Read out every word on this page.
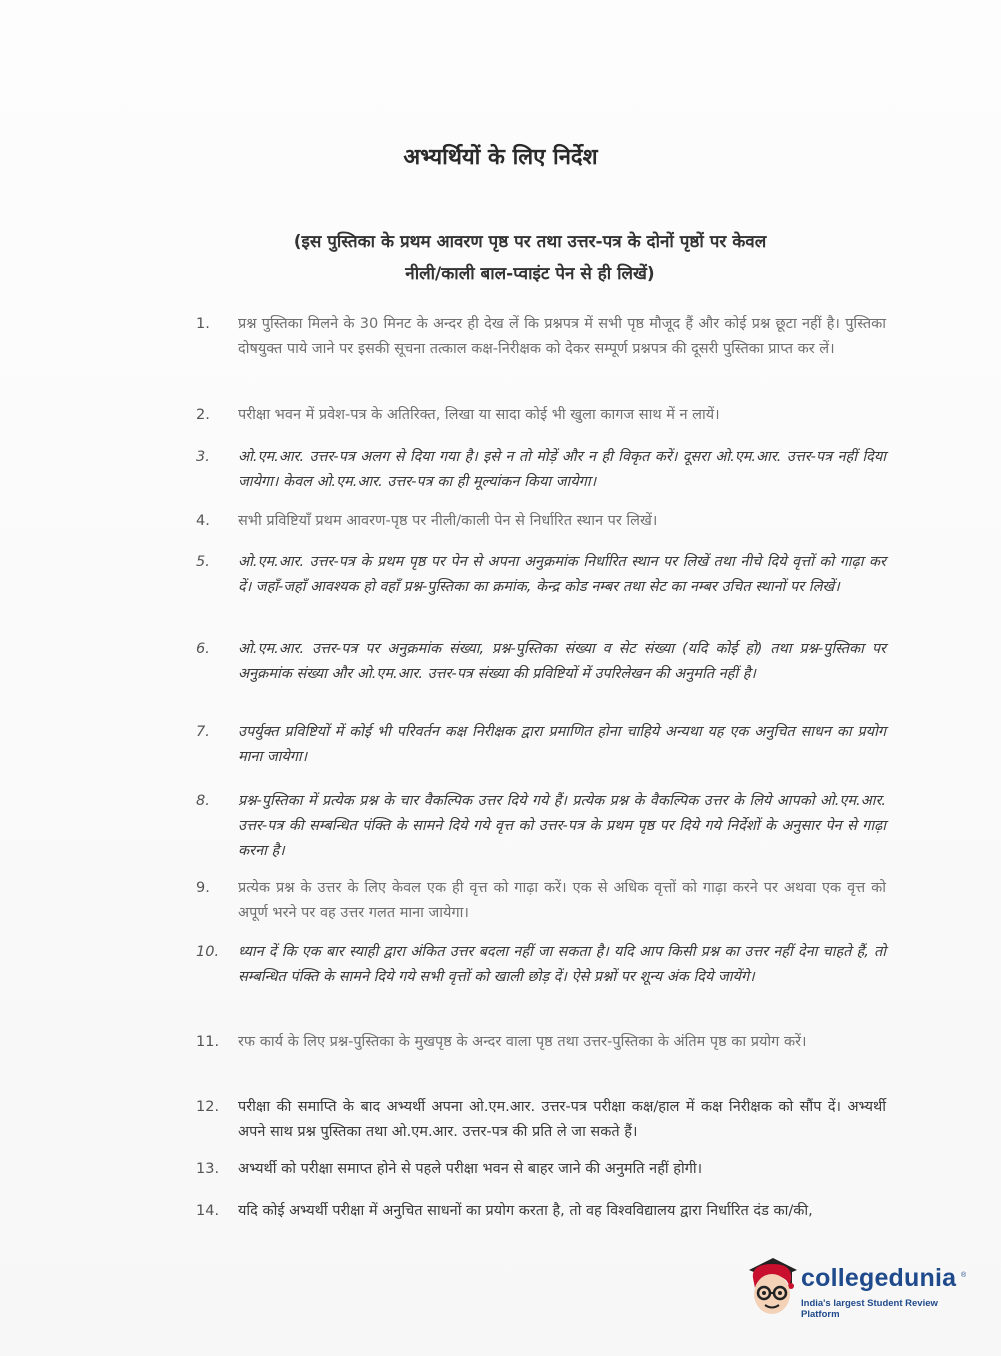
अभ्यर्थियों के लिए निर्देश
(इस पुस्तिका के प्रथम आवरण पृष्ठ पर तथा उत्तर-पत्र के दोनों पृष्ठों पर केवल
नीली/काली बाल-प्वाइंट पेन से ही लिखें)
1.	प्रश्न पुस्तिका मिलने के 30 मिनट के अन्दर ही देख लें कि प्रश्नपत्र में सभी पृष्ठ मौजूद हैं और कोई प्रश्न छूटा नहीं है। पुस्तिका दोषयुक्त पाये जाने पर इसकी सूचना तत्काल कक्ष-निरीक्षक को देकर सम्पूर्ण प्रश्नपत्र की दूसरी पुस्तिका प्राप्त कर लें।
2.	परीक्षा भवन में प्रवेश-पत्र के अतिरिक्त, लिखा या सादा कोई भी खुला कागज साथ में न लायें।
3.	ओ.एम.आर. उत्तर-पत्र अलग से दिया गया है। इसे न तो मोड़ें और न ही विकृत करें। दूसरा ओ.एम.आर. उत्तर-पत्र नहीं दिया जायेगा। केवल ओ.एम.आर. उत्तर-पत्र का ही मूल्यांकन किया जायेगा।
4.	सभी प्रविष्टियाँ प्रथम आवरण-पृष्ठ पर नीली/काली पेन से निर्धारित स्थान पर लिखें।
5.	ओ.एम.आर. उत्तर-पत्र के प्रथम पृष्ठ पर पेन से अपना अनुक्रमांक निर्धारित स्थान पर लिखें तथा नीचे दिये वृत्तों को गाढ़ा कर दें। जहाँ-जहाँ आवश्यक हो वहाँ प्रश्न-पुस्तिका का क्रमांक, केन्द्र कोड नम्बर तथा सेट का नम्बर उचित स्थानों पर लिखें।
6.	ओ.एम.आर. उत्तर-पत्र पर अनुक्रमांक संख्या, प्रश्न-पुस्तिका संख्या व सेट संख्या (यदि कोई हो) तथा प्रश्न-पुस्तिका पर अनुक्रमांक संख्या और ओ.एम.आर. उत्तर-पत्र संख्या की प्रविष्टियों में उपरिलेखन की अनुमति नहीं है।
7.	उपर्युक्त प्रविष्टियों में कोई भी परिवर्तन कक्ष निरीक्षक द्वारा प्रमाणित होना चाहिये अन्यथा यह एक अनुचित साधन का प्रयोग माना जायेगा।
8.	प्रश्न-पुस्तिका में प्रत्येक प्रश्न के चार वैकल्पिक उत्तर दिये गये हैं। प्रत्येक प्रश्न के वैकल्पिक उत्तर के लिये आपको ओ.एम.आर. उत्तर-पत्र की सम्बन्धित पंक्ति के सामने दिये गये वृत्त को उत्तर-पत्र के प्रथम पृष्ठ पर दिये गये निर्देशों के अनुसार पेन से गाढ़ा करना है।
9.	प्रत्येक प्रश्न के उत्तर के लिए केवल एक ही वृत्त को गाढ़ा करें। एक से अधिक वृत्तों को गाढ़ा करने पर अथवा एक वृत्त को अपूर्ण भरने पर वह उत्तर गलत माना जायेगा।
10.	ध्यान दें कि एक बार स्याही द्वारा अंकित उत्तर बदला नहीं जा सकता है। यदि आप किसी प्रश्न का उत्तर नहीं देना चाहते हैं, तो सम्बन्धित पंक्ति के सामने दिये गये सभी वृत्तों को खाली छोड़ दें। ऐसे प्रश्नों पर शून्य अंक दिये जायेंगे।
11.	रफ कार्य के लिए प्रश्न-पुस्तिका के मुखपृष्ठ के अन्दर वाला पृष्ठ तथा उत्तर-पुस्तिका के अंतिम पृष्ठ का प्रयोग करें।
12.	परीक्षा की समाप्ति के बाद अभ्यर्थी अपना ओ.एम.आर. उत्तर-पत्र परीक्षा कक्ष/हाल में कक्ष निरीक्षक को सौंप दें। अभ्यर्थी अपने साथ प्रश्न पुस्तिका तथा ओ.एम.आर. उत्तर-पत्र की प्रति ले जा सकते हैं।
13.	अभ्यर्थी को परीक्षा समाप्त होने से पहले परीक्षा भवन से बाहर जाने की अनुमति नहीं होगी।
14.	यदि कोई अभ्यर्थी परीक्षा में अनुचित साधनों का प्रयोग करता है, तो वह विश्वविद्यालय द्वारा निर्धारित दंड का/की,
collegedunia ®
India's largest Student Review Platform
